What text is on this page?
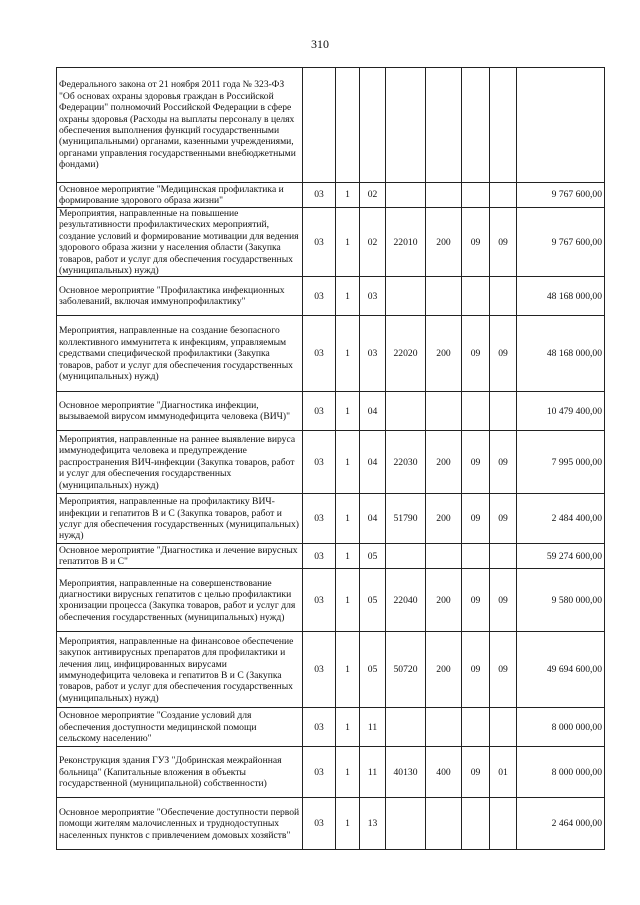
310
Федерального закона от 21 ноября 2011 года № 323-ФЗ "Об основах охраны здоровья граждан в Российской Федерации" полномочий Российской Федерации в сфере охраны здоровья (Расходы на выплаты персоналу в целях обеспечения выполнения функций государственными (муниципальными) органами, казенными учреждениями, органами управления государственными внебюджетными фондами)								
Основное мероприятие "Медицинская профилактика и формирование здорового образа жизни"	03	1	02					9 767 600,00
Мероприятия, направленные на повышение результативности профилактических мероприятий, создание условий и формирование мотивации для ведения здорового образа жизни у населения области (Закупка товаров, работ и услуг для обеспечения государственных (муниципальных) нужд)	03	1	02	22010	200	09	09	9 767 600,00
Основное мероприятие "Профилактика инфекционных заболеваний, включая иммунопрофилактику"	03	1	03					48 168 000,00
Мероприятия, направленные на создание безопасного коллективного иммунитета к инфекциям, управляемым средствами специфической профилактики (Закупка товаров, работ и услуг для обеспечения государственных (муниципальных) нужд)	03	1	03	22020	200	09	09	48 168 000,00
Основное мероприятие "Диагностика инфекции, вызываемой вирусом иммунодефицита человека (ВИЧ)"	03	1	04					10 479 400,00
Мероприятия, направленные на раннее выявление вируса иммунодефицита человека и предупреждение распространения ВИЧ-инфекции (Закупка товаров, работ и услуг для обеспечения государственных (муниципальных) нужд)	03	1	04	22030	200	09	09	7 995 000,00
Мероприятия, направленные на профилактику ВИЧ-инфекции и гепатитов В и С (Закупка товаров, работ и услуг для обеспечения государственных (муниципальных) нужд)	03	1	04	51790	200	09	09	2 484 400,00
Основное мероприятие "Диагностика и лечение вирусных гепатитов В и С"	03	1	05					59 274 600,00
Мероприятия, направленные на совершенствование диагностики вирусных гепатитов с целью профилактики хронизации процесса (Закупка товаров, работ и услуг для обеспечения государственных (муниципальных) нужд)	03	1	05	22040	200	09	09	9 580 000,00
Мероприятия, направленные на финансовое обеспечение закупок антивирусных препаратов для профилактики и лечения лиц, инфицированных вирусами иммунодефицита человека и гепатитов В и С (Закупка товаров, работ и услуг для обеспечения государственных (муниципальных) нужд)	03	1	05	50720	200	09	09	49 694 600,00
Основное мероприятие "Создание условий для обеспечения доступности медицинской помощи сельскому населению"	03	1	11					8 000 000,00
Реконструкция здания ГУЗ "Добринская межрайонная больница" (Капитальные вложения в объекты государственной (муниципальной) собственности)	03	1	11	40130	400	09	01	8 000 000,00
Основное мероприятие "Обеспечение доступности первой помощи жителям малочисленных и труднодоступных населенных пунктов с привлечением домовых хозяйств"	03	1	13					2 464 000,00
